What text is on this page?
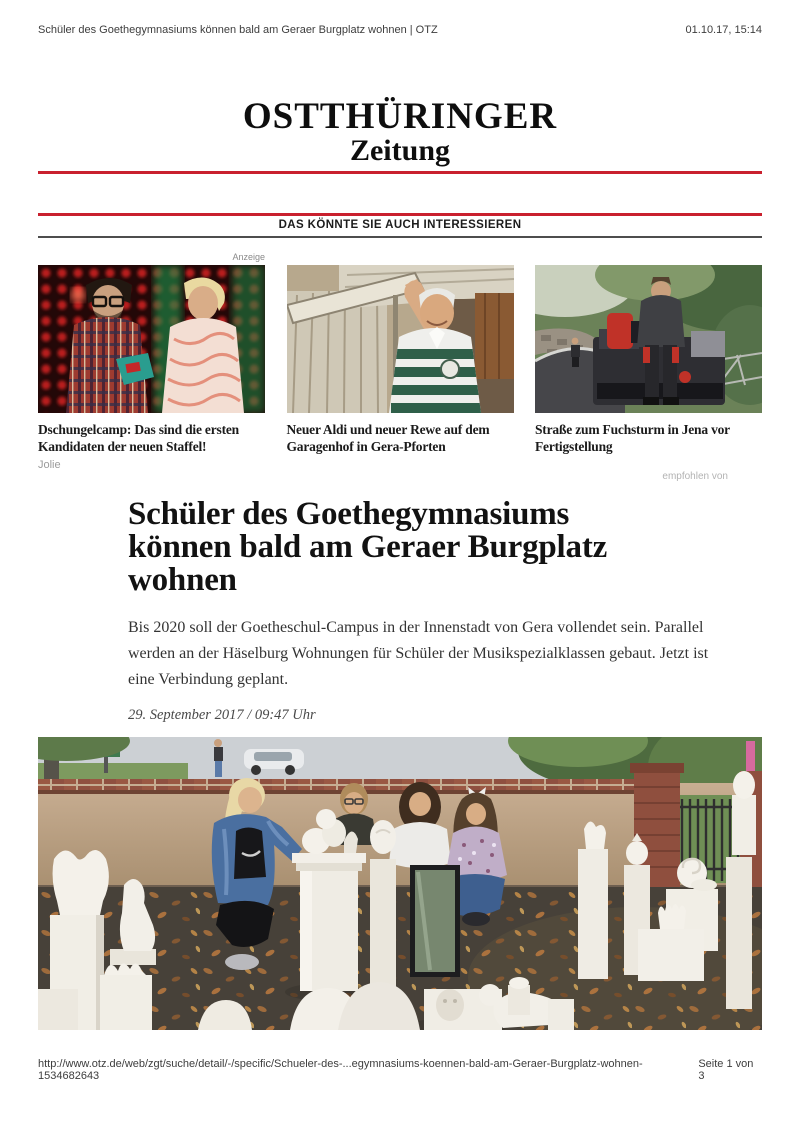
Schüler des Goethegymnasiums können bald am Geraer Burgplatz wohnen | OTZ	01.10.17, 15:14
OSTTHÜRINGER
Zeitung
DAS KÖNNTE SIE AUCH INTERESSIEREN
Anzeige
Dschungelcamp: Das sind die ersten Kandidaten der neuen Staffel!
Jolie
Neuer Aldi und neuer Rewe auf dem Garagenhof in Gera-Pforten
Straße zum Fuchsturm in Jena vor Fertigstellung
empfohlen von
Schüler des Goethegymnasiums können bald am Geraer Burgplatz wohnen

Bis 2020 soll der Goetheschul-Campus in der Innenstadt von Gera vollendet sein. Parallel werden an der Häselburg Wohnungen für Schüler der Musikspezialklassen gebaut. Jetzt ist eine Verbindung geplant.

29. September 2017 / 09:47 Uhr
http://www.otz.de/web/zgt/suche/detail/-/specific/Schueler-des-...egymnasiums-koennen-bald-am-Geraer-Burgplatz-wohnen-1534682643
Seite 1 von 3
